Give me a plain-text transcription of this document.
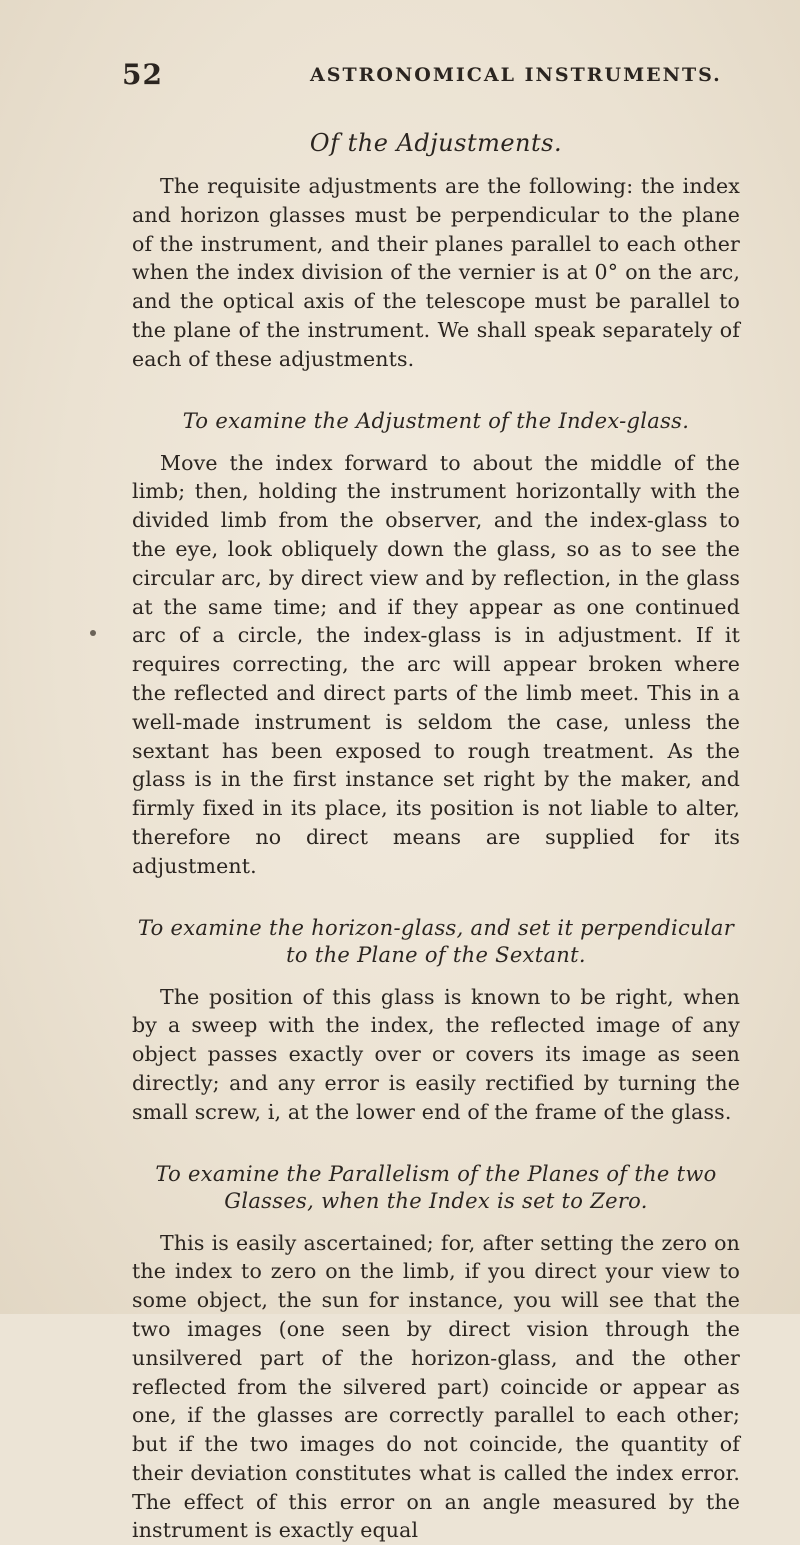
52	ASTRONOMICAL INSTRUMENTS.
Of the Adjustments.

The requisite adjustments are the following: the index and horizon glasses must be perpendicular to the plane of the instrument, and their planes parallel to each other when the index division of the vernier is at 0° on the arc, and the optical axis of the telescope must be parallel to the plane of the instrument. We shall speak separately of each of these adjustments.

To examine the Adjustment of the Index-glass.

Move the index forward to about the middle of the limb; then, holding the instrument horizontally with the divided limb from the observer, and the index-glass to the eye, look obliquely down the glass, so as to see the circular arc, by direct view and by reflection, in the glass at the same time; and if they appear as one continued arc of a circle, the index-glass is in adjustment. If it requires correcting, the arc will appear broken where the reflected and direct parts of the limb meet. This in a well-made instrument is seldom the case, unless the sextant has been exposed to rough treatment. As the glass is in the first instance set right by the maker, and firmly fixed in its place, its position is not liable to alter, therefore no direct means are supplied for its adjustment.

To examine the horizon-glass, and set it perpendicular to the Plane of the Sextant.

The position of this glass is known to be right, when by a sweep with the index, the reflected image of any object passes exactly over or covers its image as seen directly; and any error is easily rectified by turning the small screw, i, at the lower end of the frame of the glass.

To examine the Parallelism of the Planes of the two Glasses, when the Index is set to Zero.

This is easily ascertained; for, after setting the zero on the index to zero on the limb, if you direct your view to some object, the sun for instance, you will see that the two images (one seen by direct vision through the unsilvered part of the horizon-glass, and the other reflected from the silvered part) coincide or appear as one, if the glasses are correctly parallel to each other; but if the two images do not coincide, the quantity of their deviation constitutes what is called the index error. The effect of this error on an angle measured by the instrument is exactly equal
